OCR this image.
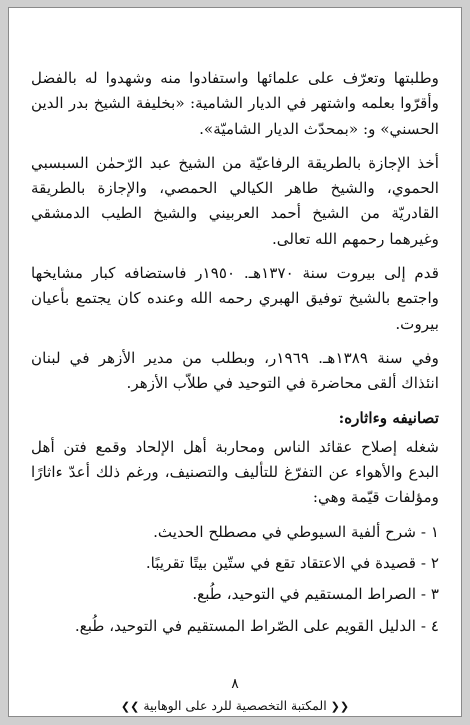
وطلبتها وتعرّف على علمائها واستفادوا منه وشهدوا له بالفضل وأقرّوا بعلمه واشتهر في الديار الشامية: «بخليفة الشيخ بدر الدين الحسني» و: «بمحدّث الديار الشاميّة».

أخذ الإجازة بالطريقة الرفاعيّة من الشيخ عبد الرّحمٰن السبسبي الحموي، والشيخ طاهر الكيالي الحمصي، والإجازة بالطريقة القادريّة من الشيخ أحمد العربيني والشيخ الطيب الدمشقي وغيرهما رحمهم الله تعالى.

قدم إلى بيروت سنة ١٣٧٠هـ. ١٩٥٠ر فاستضافه كبار مشايخها واجتمع بالشيخ توفيق الهبري رحمه الله وعنده كان يجتمع بأعيان بيروت.

وفي سنة ١٣٨٩هـ. ١٩٦٩ر، وبطلب من مدير الأزهر في لبنان انئذاك ألقى محاضرة في التوحيد في طلاّب الأزهر.

تصانيفه وءاثاره:

شغله إصلاح عقائد الناس ومحاربة أهل الإلحاد وقمع فتن أهل البدع والأهواء عن التفرّغ للتأليف والتصنيف، ورغم ذلك أعدّ ءاثارًا ومؤلفات قيّمة وهي:

١ - شرح ألفية السيوطي في مصطلح الحديث.
٢ - قصيدة في الاعتقاد تقع في ستّين بيتًا تقريبًا.
٣ - الصراط المستقيم في التوحيد، طُبع.
٤ - الدليل القويم على الصّراط المستقيم في التوحيد، طُبع.
٨
❮❮ المكتبة التخصصية للرد على الوهابية ❯❯
